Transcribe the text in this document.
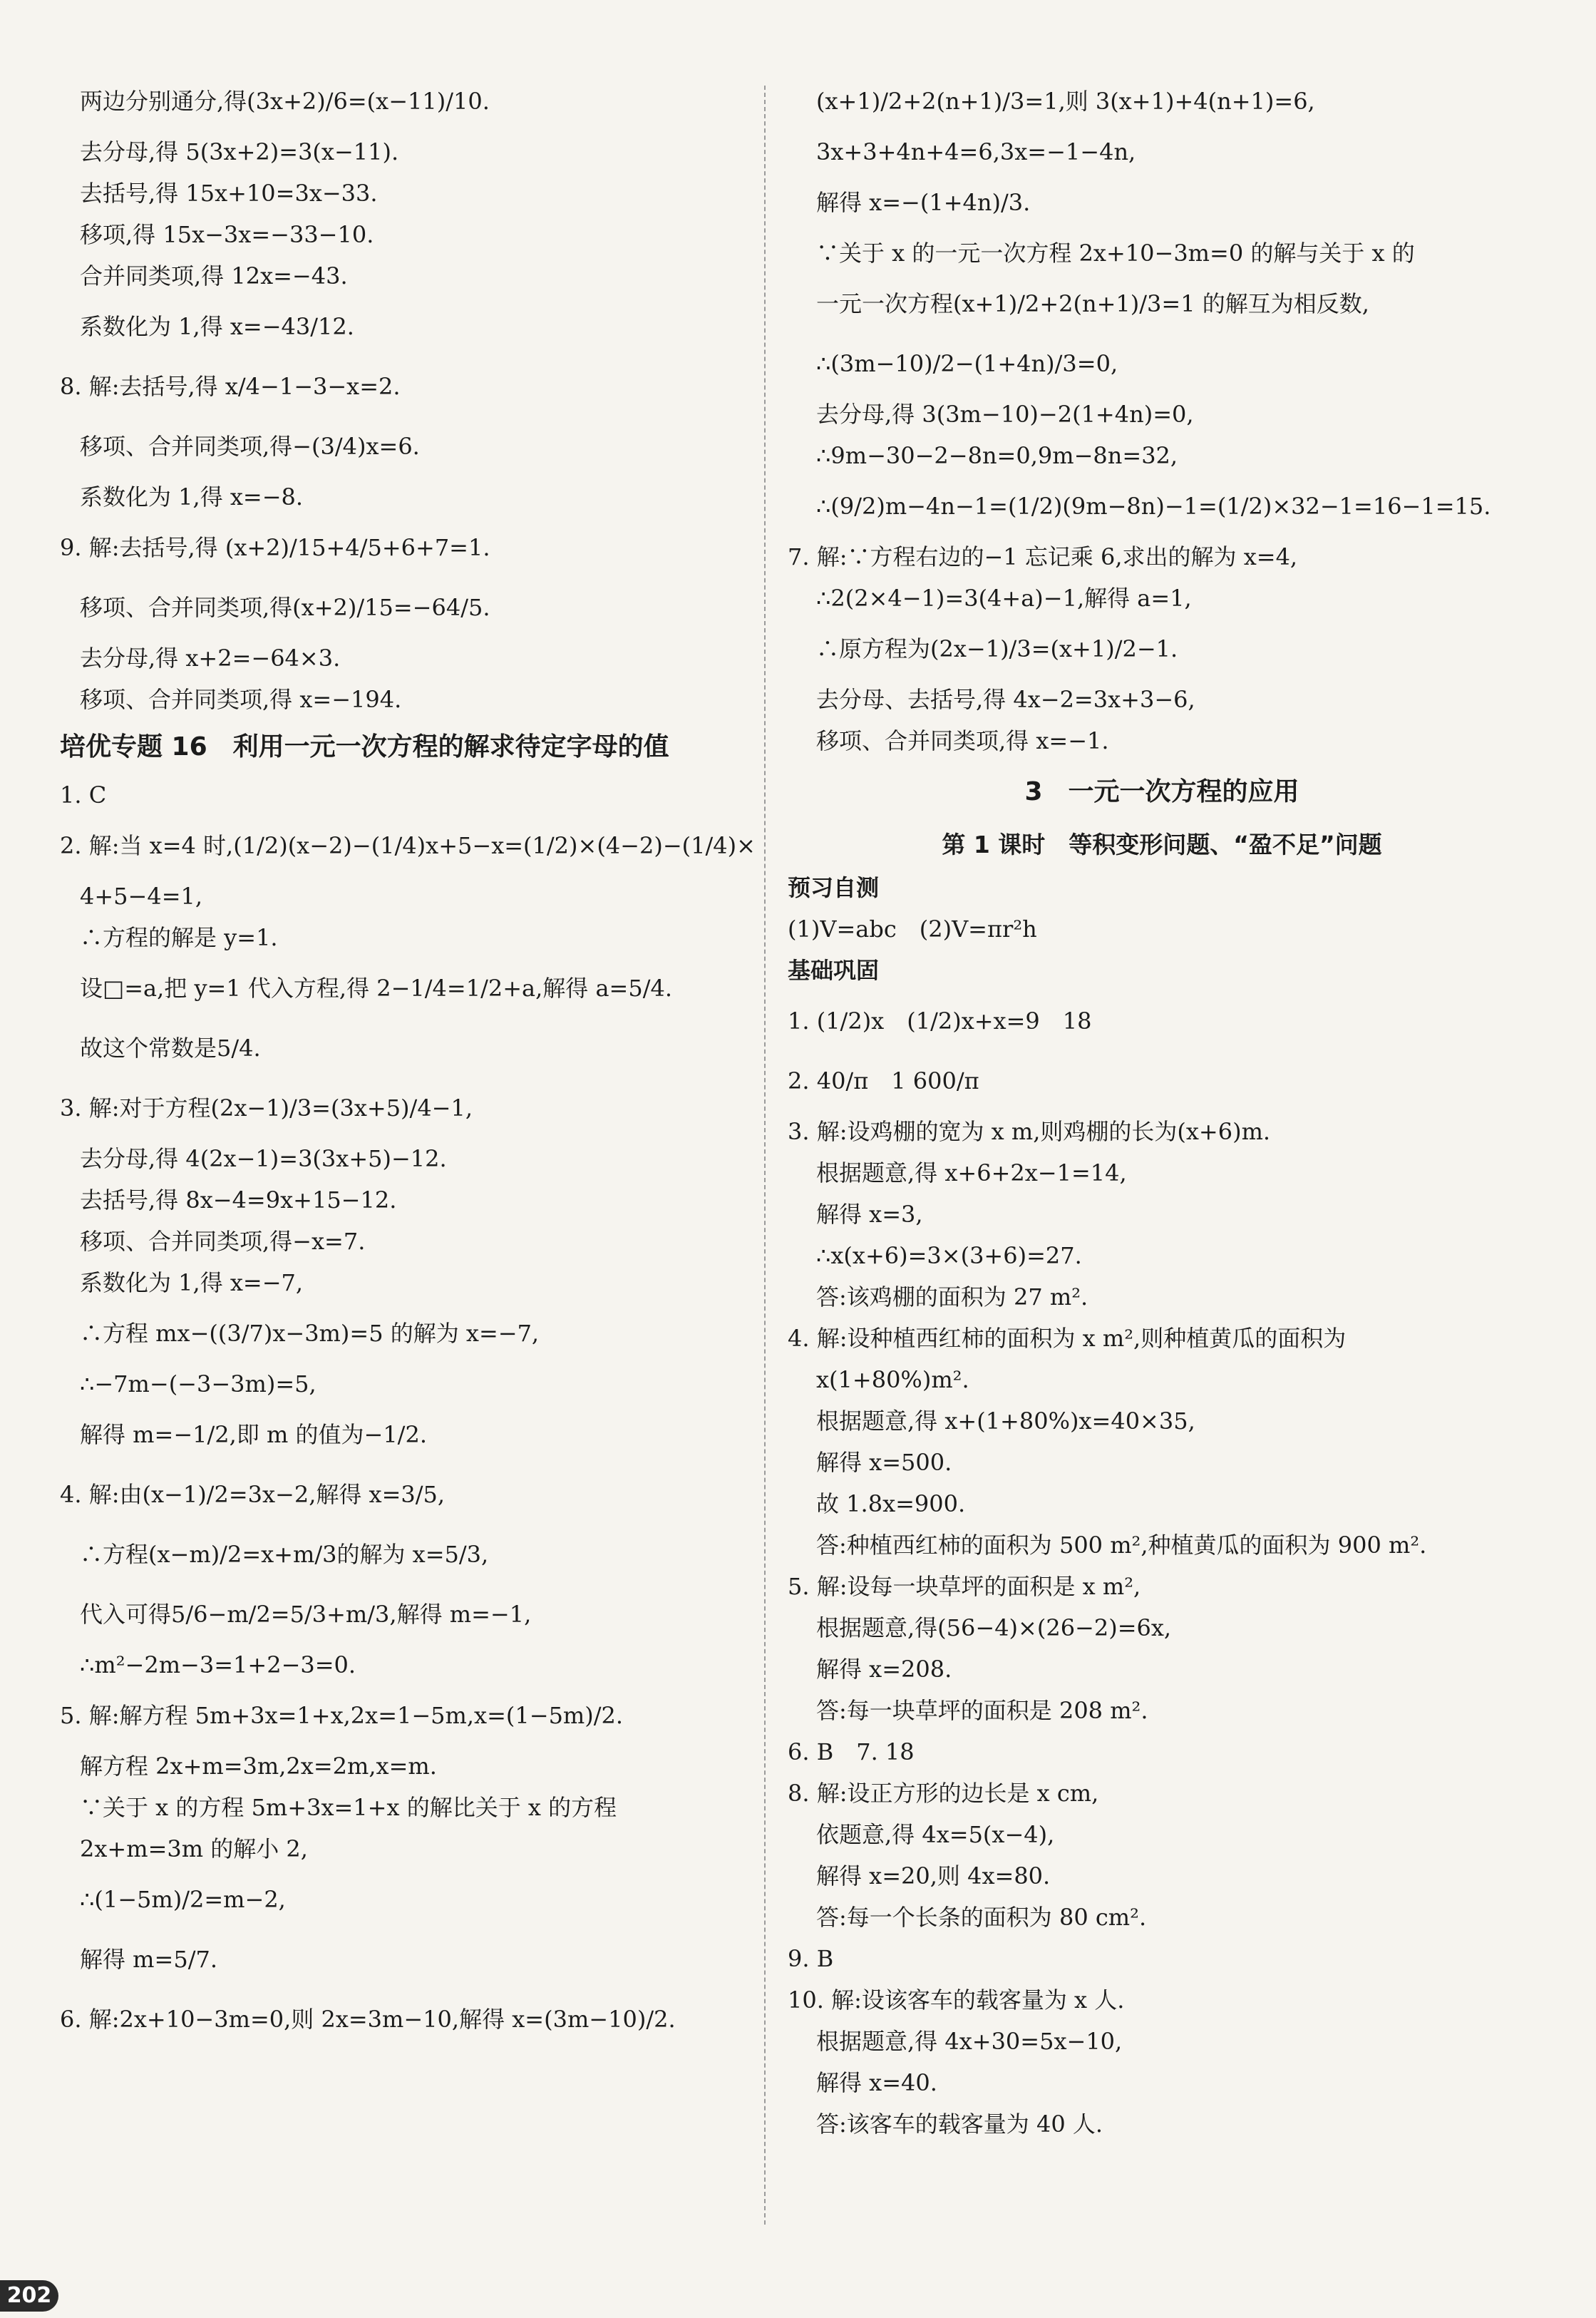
两边分别通分,得(3x+2)/6=(x−11)/10.
去分母,得 5(3x+2)=3(x−11).
去括号,得 15x+10=3x−33.
移项,得 15x−3x=−33−10.
合并同类项,得 12x=−43.
系数化为 1,得 x=−43/12.
8. 解:去括号,得 x/4−1−3−x=2.
移项、合并同类项,得−(3/4)x=6.
系数化为 1,得 x=−8.
9. 解:去括号,得 (x+2)/15+4/5+6+7=1.
移项、合并同类项,得(x+2)/15=−64/5.
去分母,得 x+2=−64×3.
移项、合并同类项,得 x=−194.
培优专题 16　利用一元一次方程的解求待定字母的值
1. C
2. 解:当 x=4 时,(1/2)(x−2)−(1/4)x+5−x=(1/2)×(4−2)−(1/4)×
4+5−4=1,
∴方程的解是 y=1.
设□=a,把 y=1 代入方程,得 2−1/4=1/2+a,解得 a=5/4.
故这个常数是5/4.
3. 解:对于方程(2x−1)/3=(3x+5)/4−1,
去分母,得 4(2x−1)=3(3x+5)−12.
去括号,得 8x−4=9x+15−12.
移项、合并同类项,得−x=7.
系数化为 1,得 x=−7,
∴方程 mx−((3/7)x−3m)=5 的解为 x=−7,
∴−7m−(−3−3m)=5,
解得 m=−1/2,即 m 的值为−1/2.
4. 解:由(x−1)/2=3x−2,解得 x=3/5,
∴方程(x−m)/2=x+m/3的解为 x=5/3,
代入可得5/6−m/2=5/3+m/3,解得 m=−1,
∴m²−2m−3=1+2−3=0.
5. 解:解方程 5m+3x=1+x,2x=1−5m,x=(1−5m)/2.
解方程 2x+m=3m,2x=2m,x=m.
∵关于 x 的方程 5m+3x=1+x 的解比关于 x 的方程
2x+m=3m 的解小 2,
∴(1−5m)/2=m−2,
解得 m=5/7.
6. 解:2x+10−3m=0,则 2x=3m−10,解得 x=(3m−10)/2.
(x+1)/2+2(n+1)/3=1,则 3(x+1)+4(n+1)=6,
3x+3+4n+4=6,3x=−1−4n,
解得 x=−(1+4n)/3.
∵关于 x 的一元一次方程 2x+10−3m=0 的解与关于 x 的
一元一次方程(x+1)/2+2(n+1)/3=1 的解互为相反数,
∴(3m−10)/2−(1+4n)/3=0,
去分母,得 3(3m−10)−2(1+4n)=0,
∴9m−30−2−8n=0,9m−8n=32,
∴(9/2)m−4n−1=(1/2)(9m−8n)−1=(1/2)×32−1=16−1=15.
7. 解:∵方程右边的−1 忘记乘 6,求出的解为 x=4,
∴2(2×4−1)=3(4+a)−1,解得 a=1,
∴原方程为(2x−1)/3=(x+1)/2−1.
去分母、去括号,得 4x−2=3x+3−6,
移项、合并同类项,得 x=−1.
3　一元一次方程的应用
第 1 课时　等积变形问题、“盈不足”问题
预习自测
(1)V=abc　(2)V=πr²h
基础巩固
1. (1/2)x　(1/2)x+x=9　18
2. 40/π　1 600/π
3. 解:设鸡棚的宽为 x m,则鸡棚的长为(x+6)m.
根据题意,得 x+6+2x−1=14,
解得 x=3,
∴x(x+6)=3×(3+6)=27.
答:该鸡棚的面积为 27 m².
4. 解:设种植西红柿的面积为 x m²,则种植黄瓜的面积为
x(1+80%)m².
根据题意,得 x+(1+80%)x=40×35,
解得 x=500.
故 1.8x=900.
答:种植西红柿的面积为 500 m²,种植黄瓜的面积为 900 m².
5. 解:设每一块草坪的面积是 x m²,
根据题意,得(56−4)×(26−2)=6x,
解得 x=208.
答:每一块草坪的面积是 208 m².
6. B　7. 18
8. 解:设正方形的边长是 x cm,
依题意,得 4x=5(x−4),
解得 x=20,则 4x=80.
答:每一个长条的面积为 80 cm².
9. B
10. 解:设该客车的载客量为 x 人.
根据题意,得 4x+30=5x−10,
解得 x=40.
答:该客车的载客量为 40 人.
202
